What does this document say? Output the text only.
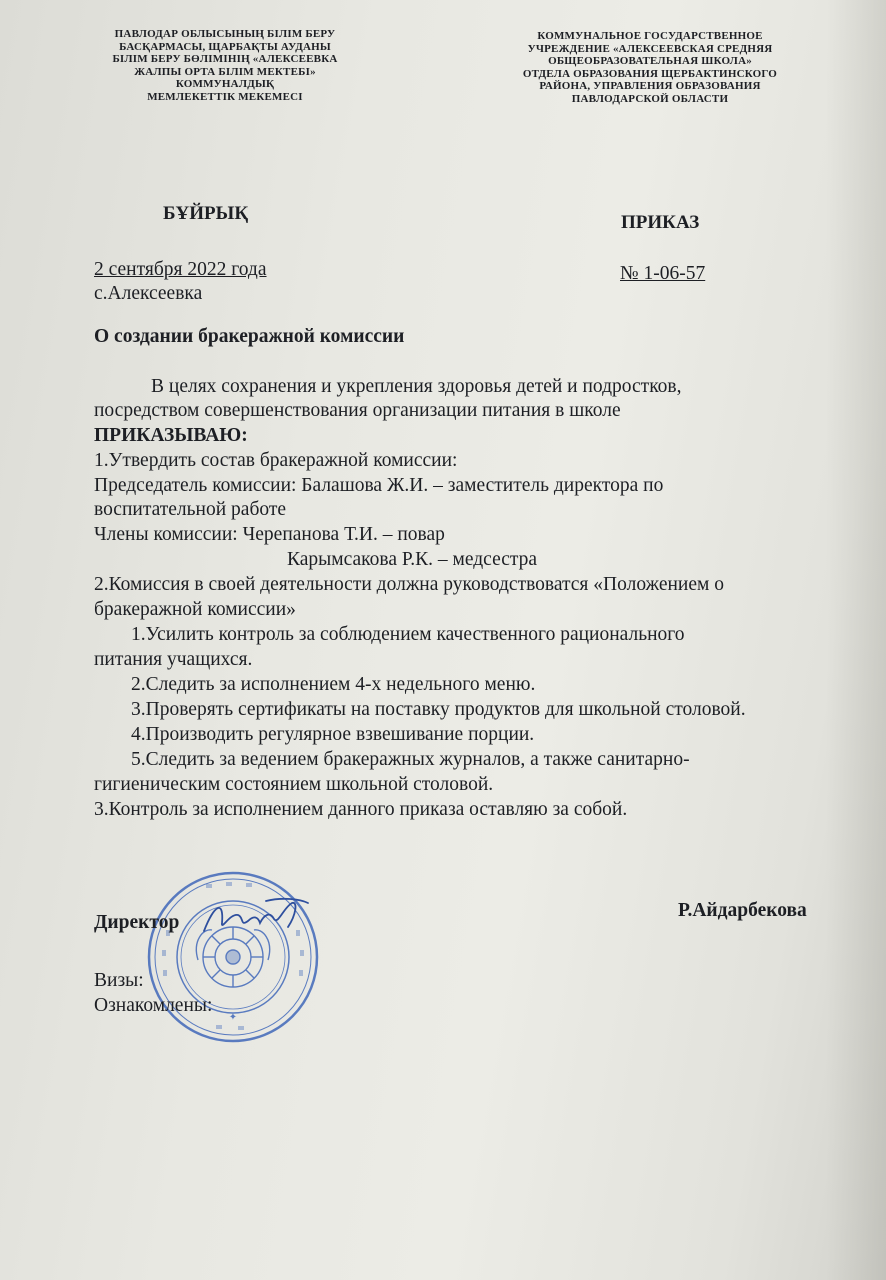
ПАВЛОДАР ОБЛЫСЫНЫҢ БІЛІМ БЕРУ
БАСҚАРМАСЫ, ЩАРБАҚТЫ АУДАНЫ
БІЛІМ БЕРУ БӨЛІМІНІҢ «АЛЕКСЕЕВКА
ЖАЛПЫ ОРТА БІЛІМ МЕКТЕБІ»
КОММУНАЛДЫҚ
МЕМЛЕКЕТТІК МЕКЕМЕСІ
КОММУНАЛЬНОЕ ГОСУДАРСТВЕННОЕ
УЧРЕЖДЕНИЕ «АЛЕКСЕЕВСКАЯ СРЕДНЯЯ
ОБЩЕОБРАЗОВАТЕЛЬНАЯ ШКОЛА»
ОТДЕЛА ОБРАЗОВАНИЯ ЩЕРБАКТИНСКОГО
РАЙОНА, УПРАВЛЕНИЯ ОБРАЗОВАНИЯ
ПАВЛОДАРСКОЙ ОБЛАСТИ
БҰЙРЫҚ	ПРИКАЗ
2 сентября 2022 года	№ 1-06-57
с.Алексеевка
О создании бракеражной комиссии
В целях сохранения и укрепления здоровья детей и подростков,
посредством совершенствования организации питания в школе
ПРИКАЗЫВАЮ:
1.Утвердить состав бракеражной комиссии:
Председатель комиссии: Балашова Ж.И. – заместитель директора по
воспитательной работе
Члены комиссии: Черепанова Т.И. – повар
Карымсакова Р.К. – медсестра
2.Комиссия в своей деятельности должна руководствоватся «Положением о
бракеражной комиссии»
1.Усилить контроль за соблюдением качественного рационального
питания учащихся.
2.Следить за исполнением 4-х недельного меню.
3.Проверять сертификаты на поставку продуктов для школьной столовой.
4.Производить регулярное взвешивание порции.
5.Следить за ведением бракеражных журналов, а также санитарно-
гигиеническим состоянием школьной столовой.
3.Контроль за исполнением данного приказа оставляю за собой.
✦
Директор
Р.Айдарбекова
Визы:
Ознакомлены:
